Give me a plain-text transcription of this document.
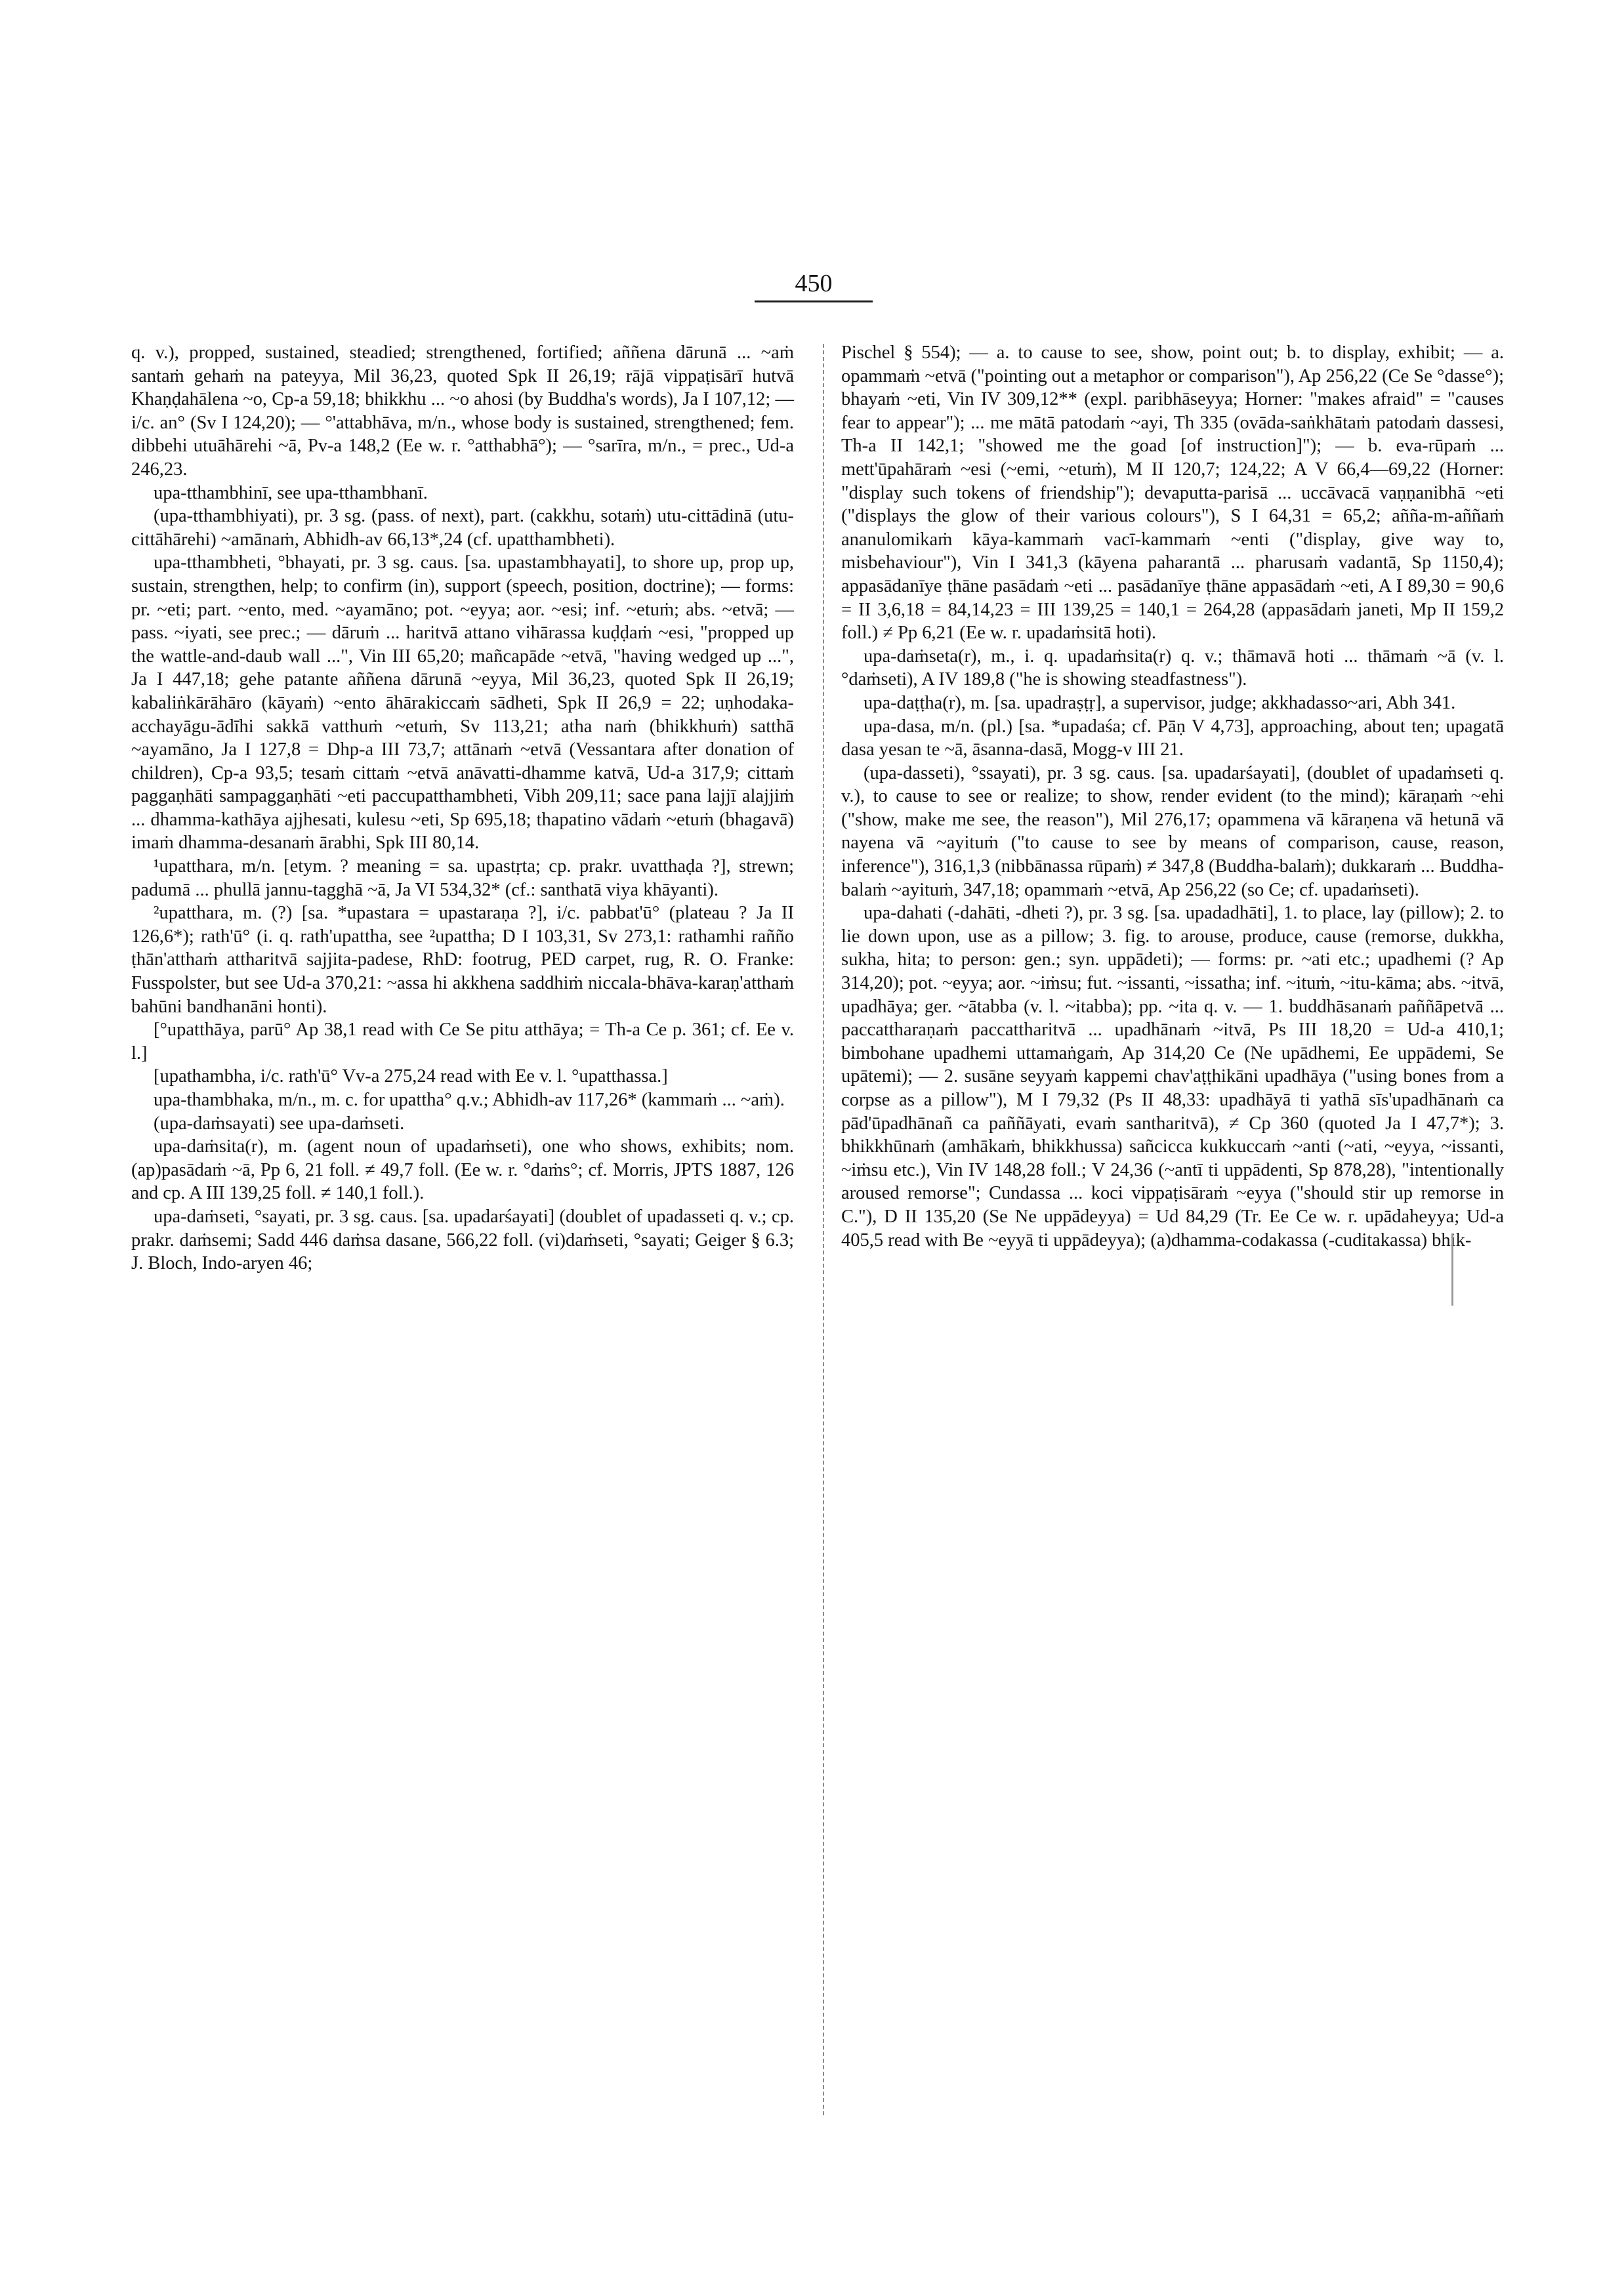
450

q. v.), propped, sustained, steadied; strengthened, fortified; aññena dārunā ... ~aṁ santaṁ gehaṁ na pateyya, Mil 36,23, quoted Spk II 26,19; rājā vippaṭisārī hutvā Khaṇḍahālena ~o, Cp-a 59,18; bhikkhu ... ~o ahosi (by Buddha's words), Ja I 107,12; — i/c. an° (Sv I 124,20); — °'attabhāva, m/n., whose body is sustained, strengthened; fem. dibbehi utuāhārehi ~ā, Pv-a 148,2 (Ee w. r. °atthabhā°); — °sarīra, m/n., = prec., Ud-a 246,23.

upa-tthambhinī, see upa-tthambhanī.

(upa-tthambhiyati), pr. 3 sg. (pass. of next), part. (cakkhu, sotaṁ) utu-cittādinā (utu-cittāhārehi) ~amānaṁ, Abhidh-av 66,13*,24 (cf. upatthambheti).

upa-tthambheti, °bhayati, pr. 3 sg. caus. [sa. upastambhayati], to shore up, prop up, sustain, strengthen, help; to confirm (in), support (speech, position, doctrine); — forms: pr. ~eti; part. ~ento, med. ~ayamāno; pot. ~eyya; aor. ~esi; inf. ~etuṁ; abs. ~etvā; — pass. ~iyati, see prec.; — dāruṁ ... haritvā attano vihārassa kuḍḍaṁ ~esi, "propped up the wattle-and-daub wall ...", Vin III 65,20; mañcapāde ~etvā, "having wedged up ...", Ja I 447,18; gehe patante aññena dārunā ~eyya, Mil 36,23, quoted Spk II 26,19; kabaliṅkārāhāro (kāyaṁ) ~ento āhārakiccaṁ sādheti, Spk II 26,9 = 22; uṇhodaka-acchayāgu-ādīhi sakkā vatthuṁ ~etuṁ, Sv 113,21; atha naṁ (bhikkhuṁ) satthā ~ayamāno, Ja I 127,8 = Dhp-a III 73,7; attānaṁ ~etvā (Vessantara after donation of children), Cp-a 93,5; tesaṁ cittaṁ ~etvā anāvatti-dhamme katvā, Ud-a 317,9; cittaṁ paggaṇhāti sampaggaṇhāti ~eti paccupatthambheti, Vibh 209,11; sace pana lajjī alajjiṁ ... dhamma-kathāya ajjhesati, kulesu ~eti, Sp 695,18; thapatino vādaṁ ~etuṁ (bhagavā) imaṁ dhamma-desanaṁ ārabhi, Spk III 80,14.

¹upatthara, m/n. [etym. ? meaning = sa. upastṛta; cp. prakr. uvatthaḍa ?], strewn; padumā ... phullā jannu-tagghā ~ā, Ja VI 534,32* (cf.: santhatā viya khāyanti).

²upatthara, m. (?) [sa. *upastara = upastaraṇa ?], i/c. pabbat'ū° (plateau ? Ja II 126,6*); rath'ū° (i. q. rath'upattha, see ²upattha; D I 103,31, Sv 273,1: rathamhi rañño ṭhān'atthaṁ attharitvā sajjita-padese, RhD: footrug, PED carpet, rug, R. O. Franke: Fusspolster, but see Ud-a 370,21: ~assa hi akkhena saddhiṁ niccala-bhāva-karaṇ'atthaṁ bahūni bandhanāni honti).

[°upatthāya, parū° Ap 38,1 read with Ce Se pitu atthāya; = Th-a Ce p. 361; cf. Ee v. l.]

[upathambha, i/c. rath'ū° Vv-a 275,24 read with Ee v. l. °upatthassa.]

upa-thambhaka, m/n., m. c. for upattha° q.v.; Abhidh-av 117,26* (kammaṁ ... ~aṁ).

(upa-daṁsayati) see upa-daṁseti.

upa-daṁsita(r), m. (agent noun of upadaṁseti), one who shows, exhibits; nom. (ap)pasādaṁ ~ā, Pp 6, 21 foll. ≠ 49,7 foll. (Ee w. r. °daṁs°; cf. Morris, JPTS 1887, 126 and cp. A III 139,25 foll. ≠ 140,1 foll.).

upa-daṁseti, °sayati, pr. 3 sg. caus. [sa. upadarśayati] (doublet of upadasseti q. v.; cp. prakr. daṁsemi; Sadd 446 daṁsa dasane, 566,22 foll. (vi)daṁseti, °sayati; Geiger § 6.3; J. Bloch, Indo-aryen 46;

Pischel § 554); — a. to cause to see, show, point out; b. to display, exhibit; — a. opammaṁ ~etvā ("pointing out a metaphor or comparison"), Ap 256,22 (Ce Se °dasse°); bhayaṁ ~eti, Vin IV 309,12** (expl. paribhāseyya; Horner: "makes afraid" = "causes fear to appear"); ... me mātā patodaṁ ~ayi, Th 335 (ovāda-saṅkhātaṁ patodaṁ dassesi, Th-a II 142,1; "showed me the goad [of instruction]"); — b. eva-rūpaṁ ... mett'ūpahāraṁ ~esi (~emi, ~etuṁ), M II 120,7; 124,22; A V 66,4—69,22 (Horner: "display such tokens of friendship"); devaputta-parisā ... uccāvacā vaṇṇanibhā ~eti ("displays the glow of their various colours"), S I 64,31 = 65,2; añña-m-aññaṁ ananulomikaṁ kāya-kammaṁ vacī-kammaṁ ~enti ("display, give way to, misbehaviour"), Vin I 341,3 (kāyena paharantā ... pharusaṁ vadantā, Sp 1150,4); appasādanīye ṭhāne pasādaṁ ~eti ... pasādanīye ṭhāne appasādaṁ ~eti, A I 89,30 = 90,6 = II 3,6,18 = 84,14,23 = III 139,25 = 140,1 = 264,28 (appasādaṁ janeti, Mp II 159,2 foll.) ≠ Pp 6,21 (Ee w. r. upadaṁsitā hoti).

upa-daṁseta(r), m., i. q. upadaṁsita(r) q. v.; thāmavā hoti ... thāmaṁ ~ā (v. l. °daṁseti), A IV 189,8 ("he is showing steadfastness").

upa-daṭṭha(r), m. [sa. upadraṣṭṛ], a supervisor, judge; akkhadasso~ari, Abh 341.

upa-dasa, m/n. (pl.) [sa. *upadaśa; cf. Pāṇ V 4,73], approaching, about ten; upagatā dasa yesan te ~ā, āsanna-dasā, Mogg-v III 21.

(upa-dasseti), °ssayati), pr. 3 sg. caus. [sa. upadarśayati], (doublet of upadaṁseti q. v.), to cause to see or realize; to show, render evident (to the mind); kāraṇaṁ ~ehi ("show, make me see, the reason"), Mil 276,17; opammena vā kāraṇena vā hetunā vā nayena vā ~ayituṁ ("to cause to see by means of comparison, cause, reason, inference"), 316,1,3 (nibbānassa rūpaṁ) ≠ 347,8 (Buddha-balaṁ); dukkaraṁ ... Buddha-balaṁ ~ayituṁ, 347,18; opammaṁ ~etvā, Ap 256,22 (so Ce; cf. upadaṁseti).

upa-dahati (-dahāti, -dheti ?), pr. 3 sg. [sa. upadadhāti], 1. to place, lay (pillow); 2. to lie down upon, use as a pillow; 3. fig. to arouse, produce, cause (remorse, dukkha, sukha, hita; to person: gen.; syn. uppādeti); — forms: pr. ~ati etc.; upadhemi (? Ap 314,20); pot. ~eyya; aor. ~iṁsu; fut. ~issanti, ~issatha; inf. ~ituṁ, ~itu-kāma; abs. ~itvā, upadhāya; ger. ~ātabba (v. l. ~itabba); pp. ~ita q. v. — 1. buddhāsanaṁ paññāpetvā ... paccattharaṇaṁ paccattharitvā ... upadhānaṁ ~itvā, Ps III 18,20 = Ud-a 410,1; bimbohane upadhemi uttamaṅgaṁ, Ap 314,20 Ce (Ne upādhemi, Ee uppādemi, Se upātemi); — 2. susāne seyyaṁ kappemi chav'aṭṭhikāni upadhāya ("using bones from a corpse as a pillow"), M I 79,32 (Ps II 48,33: upadhāyā ti yathā sīs'upadhānaṁ ca pād'ūpadhānañ ca paññāyati, evaṁ santharitvā), ≠ Cp 360 (quoted Ja I 47,7*); 3. bhikkhūnaṁ (amhākaṁ, bhikkhussa) sañcicca kukkuccaṁ ~anti (~ati, ~eyya, ~issanti, ~iṁsu etc.), Vin IV 148,28 foll.; V 24,36 (~antī ti uppādenti, Sp 878,28), "intentionally aroused remorse"; Cundassa ... koci vippaṭisāraṁ ~eyya ("should stir up remorse in C."), D II 135,20 (Se Ne uppādeyya) = Ud 84,29 (Tr. Ee Ce w. r. upādaheyya; Ud-a 405,5 read with Be ~eyyā ti uppādeyya); (a)dhamma-codakassa (-cuditakassa) bhik-
